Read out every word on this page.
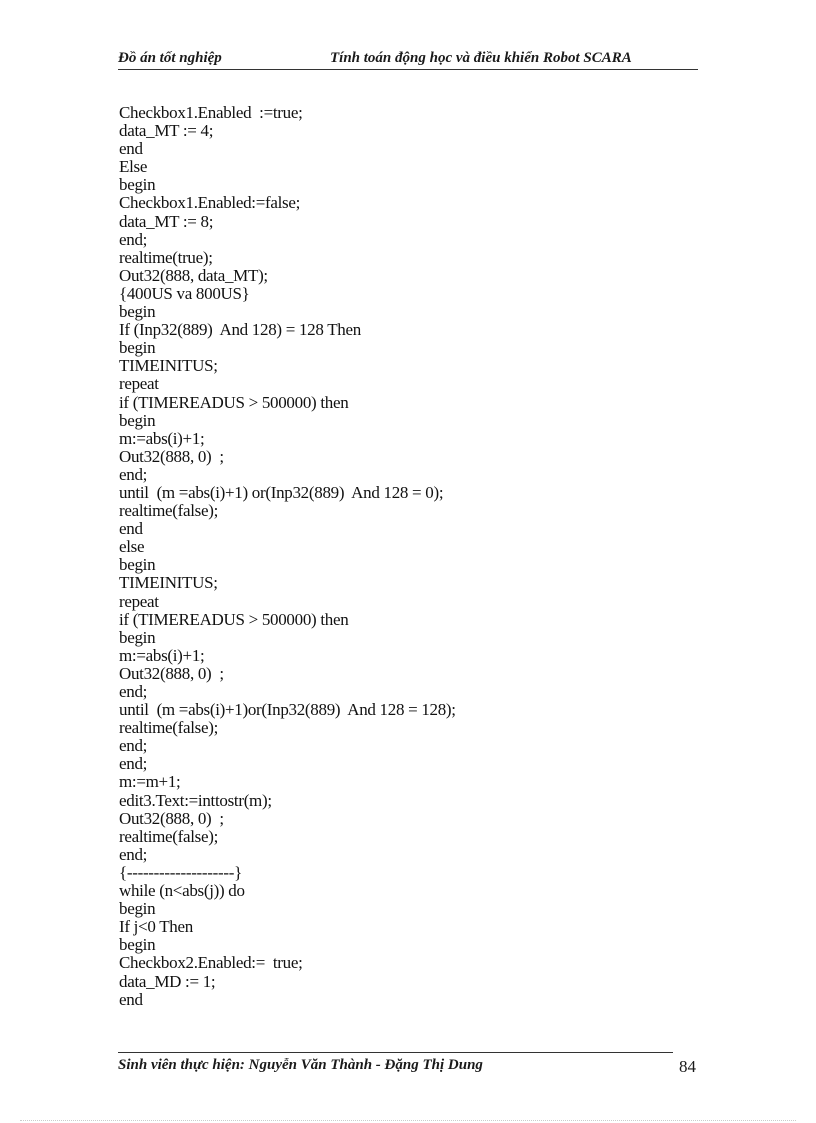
Đồ án tốt nghiệp	Tính toán động học và điều khiển Robot SCARA
Checkbox1.Enabled  :=true;
data_MT := 4;
end
Else
begin
Checkbox1.Enabled:=false;
data_MT := 8;
end;
realtime(true);
Out32(888, data_MT);
{400US va 800US}
begin
If (Inp32(889)  And 128) = 128 Then
begin
TIMEINITUS;
repeat
if (TIMEREADUS > 500000) then
begin
m:=abs(i)+1;
Out32(888, 0)  ;
end;
until  (m =abs(i)+1) or(Inp32(889)  And 128 = 0);
realtime(false);
end
else
begin
TIMEINITUS;
repeat
if (TIMEREADUS > 500000) then
begin
m:=abs(i)+1;
Out32(888, 0)  ;
end;
until  (m =abs(i)+1)or(Inp32(889)  And 128 = 128);
realtime(false);
end;
end;
m:=m+1;
edit3.Text:=inttostr(m);
Out32(888, 0)  ;
realtime(false);
end;
{--------------------}
while (n<abs(j)) do
begin
If j<0 Then
begin
Checkbox2.Enabled:=  true;
data_MD := 1;
end
Sinh viên thực hiện: Nguyễn Văn Thành - Đặng Thị Dung	84
